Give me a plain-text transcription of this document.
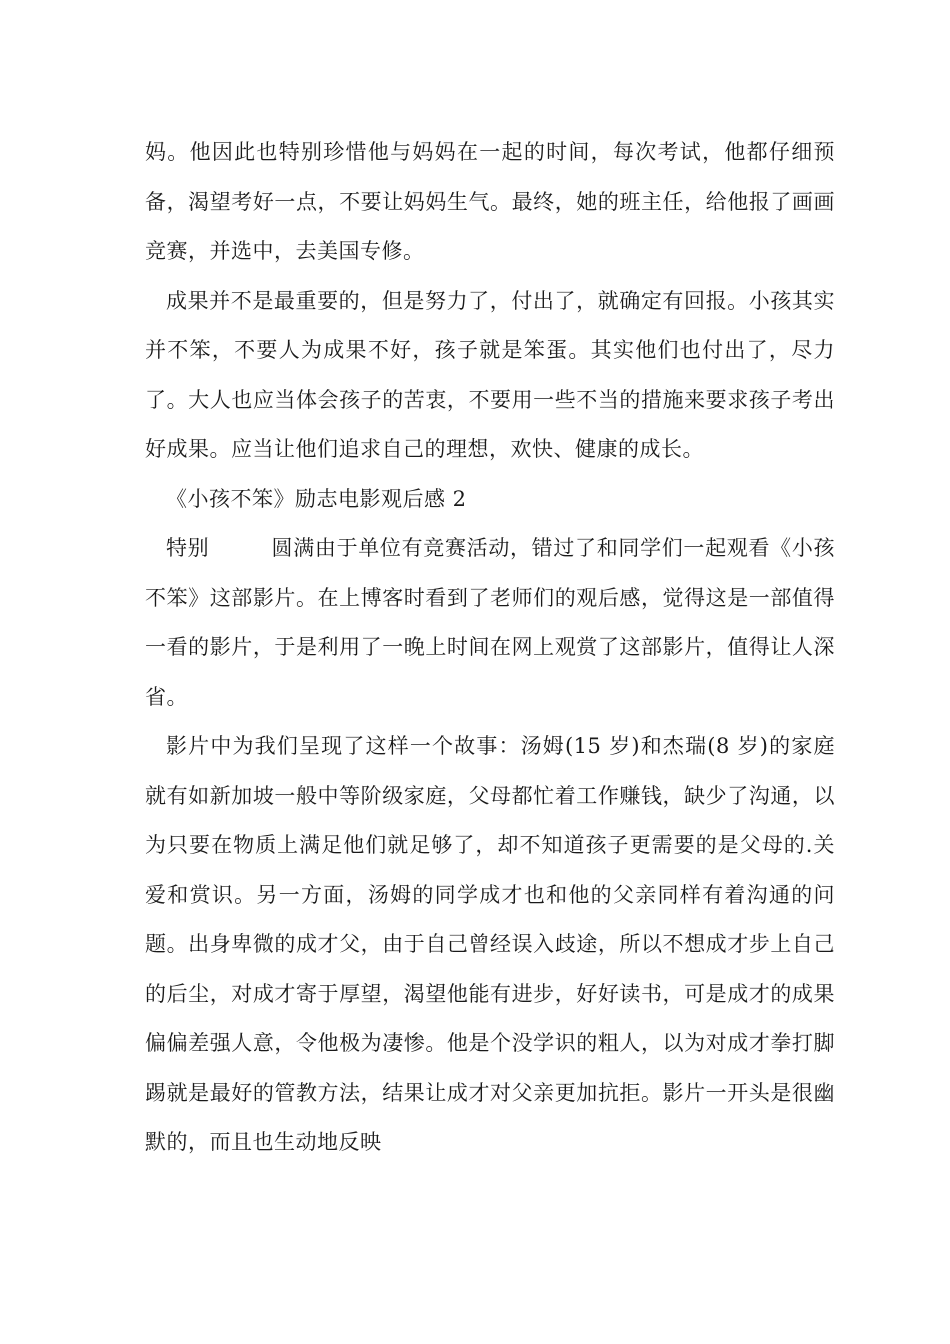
妈。他因此也特别珍惜他与妈妈在一起的时间，每次考试，他都仔细预备，渴望考好一点，不要让妈妈生气。最终，她的班主任，给他报了画画竞赛，并选中，去美国专修。

成果并不是最重要的，但是努力了，付出了，就确定有回报。小孩其实并不笨，不要人为成果不好，孩子就是笨蛋。其实他们也付出了，尽力了。大人也应当体会孩子的苦衷，不要用一些不当的措施来要求孩子考出好成果。应当让他们追求自己的理想，欢快、健康的成长。

《小孩不笨》励志电影观后感 2

特别	圆满由于单位有竞赛活动，错过了和同学们一起观看《小孩不笨》这部影片。在上博客时看到了老师们的观后感，觉得这是一部值得一看的影片，于是利用了一晚上时间在网上观赏了这部影片，值得让人深省。

影片中为我们呈现了这样一个故事：汤姆(15 岁)和杰瑞(8 岁)的家庭就有如新加坡一般中等阶级家庭，父母都忙着工作赚钱，缺少了沟通，以为只要在物质上满足他们就足够了，却不知道孩子更需要的是父母的.关爱和赏识。另一方面，汤姆的同学成才也和他的父亲同样有着沟通的问题。出身卑微的成才父，由于自己曾经误入歧途，所以不想成才步上自己的后尘，对成才寄于厚望，渴望他能有进步，好好读书，可是成才的成果偏偏差强人意，令他极为凄惨。他是个没学识的粗人，以为对成才拳打脚踢就是最好的管教方法，结果让成才对父亲更加抗拒。影片一开头是很幽默的，而且也生动地反映
